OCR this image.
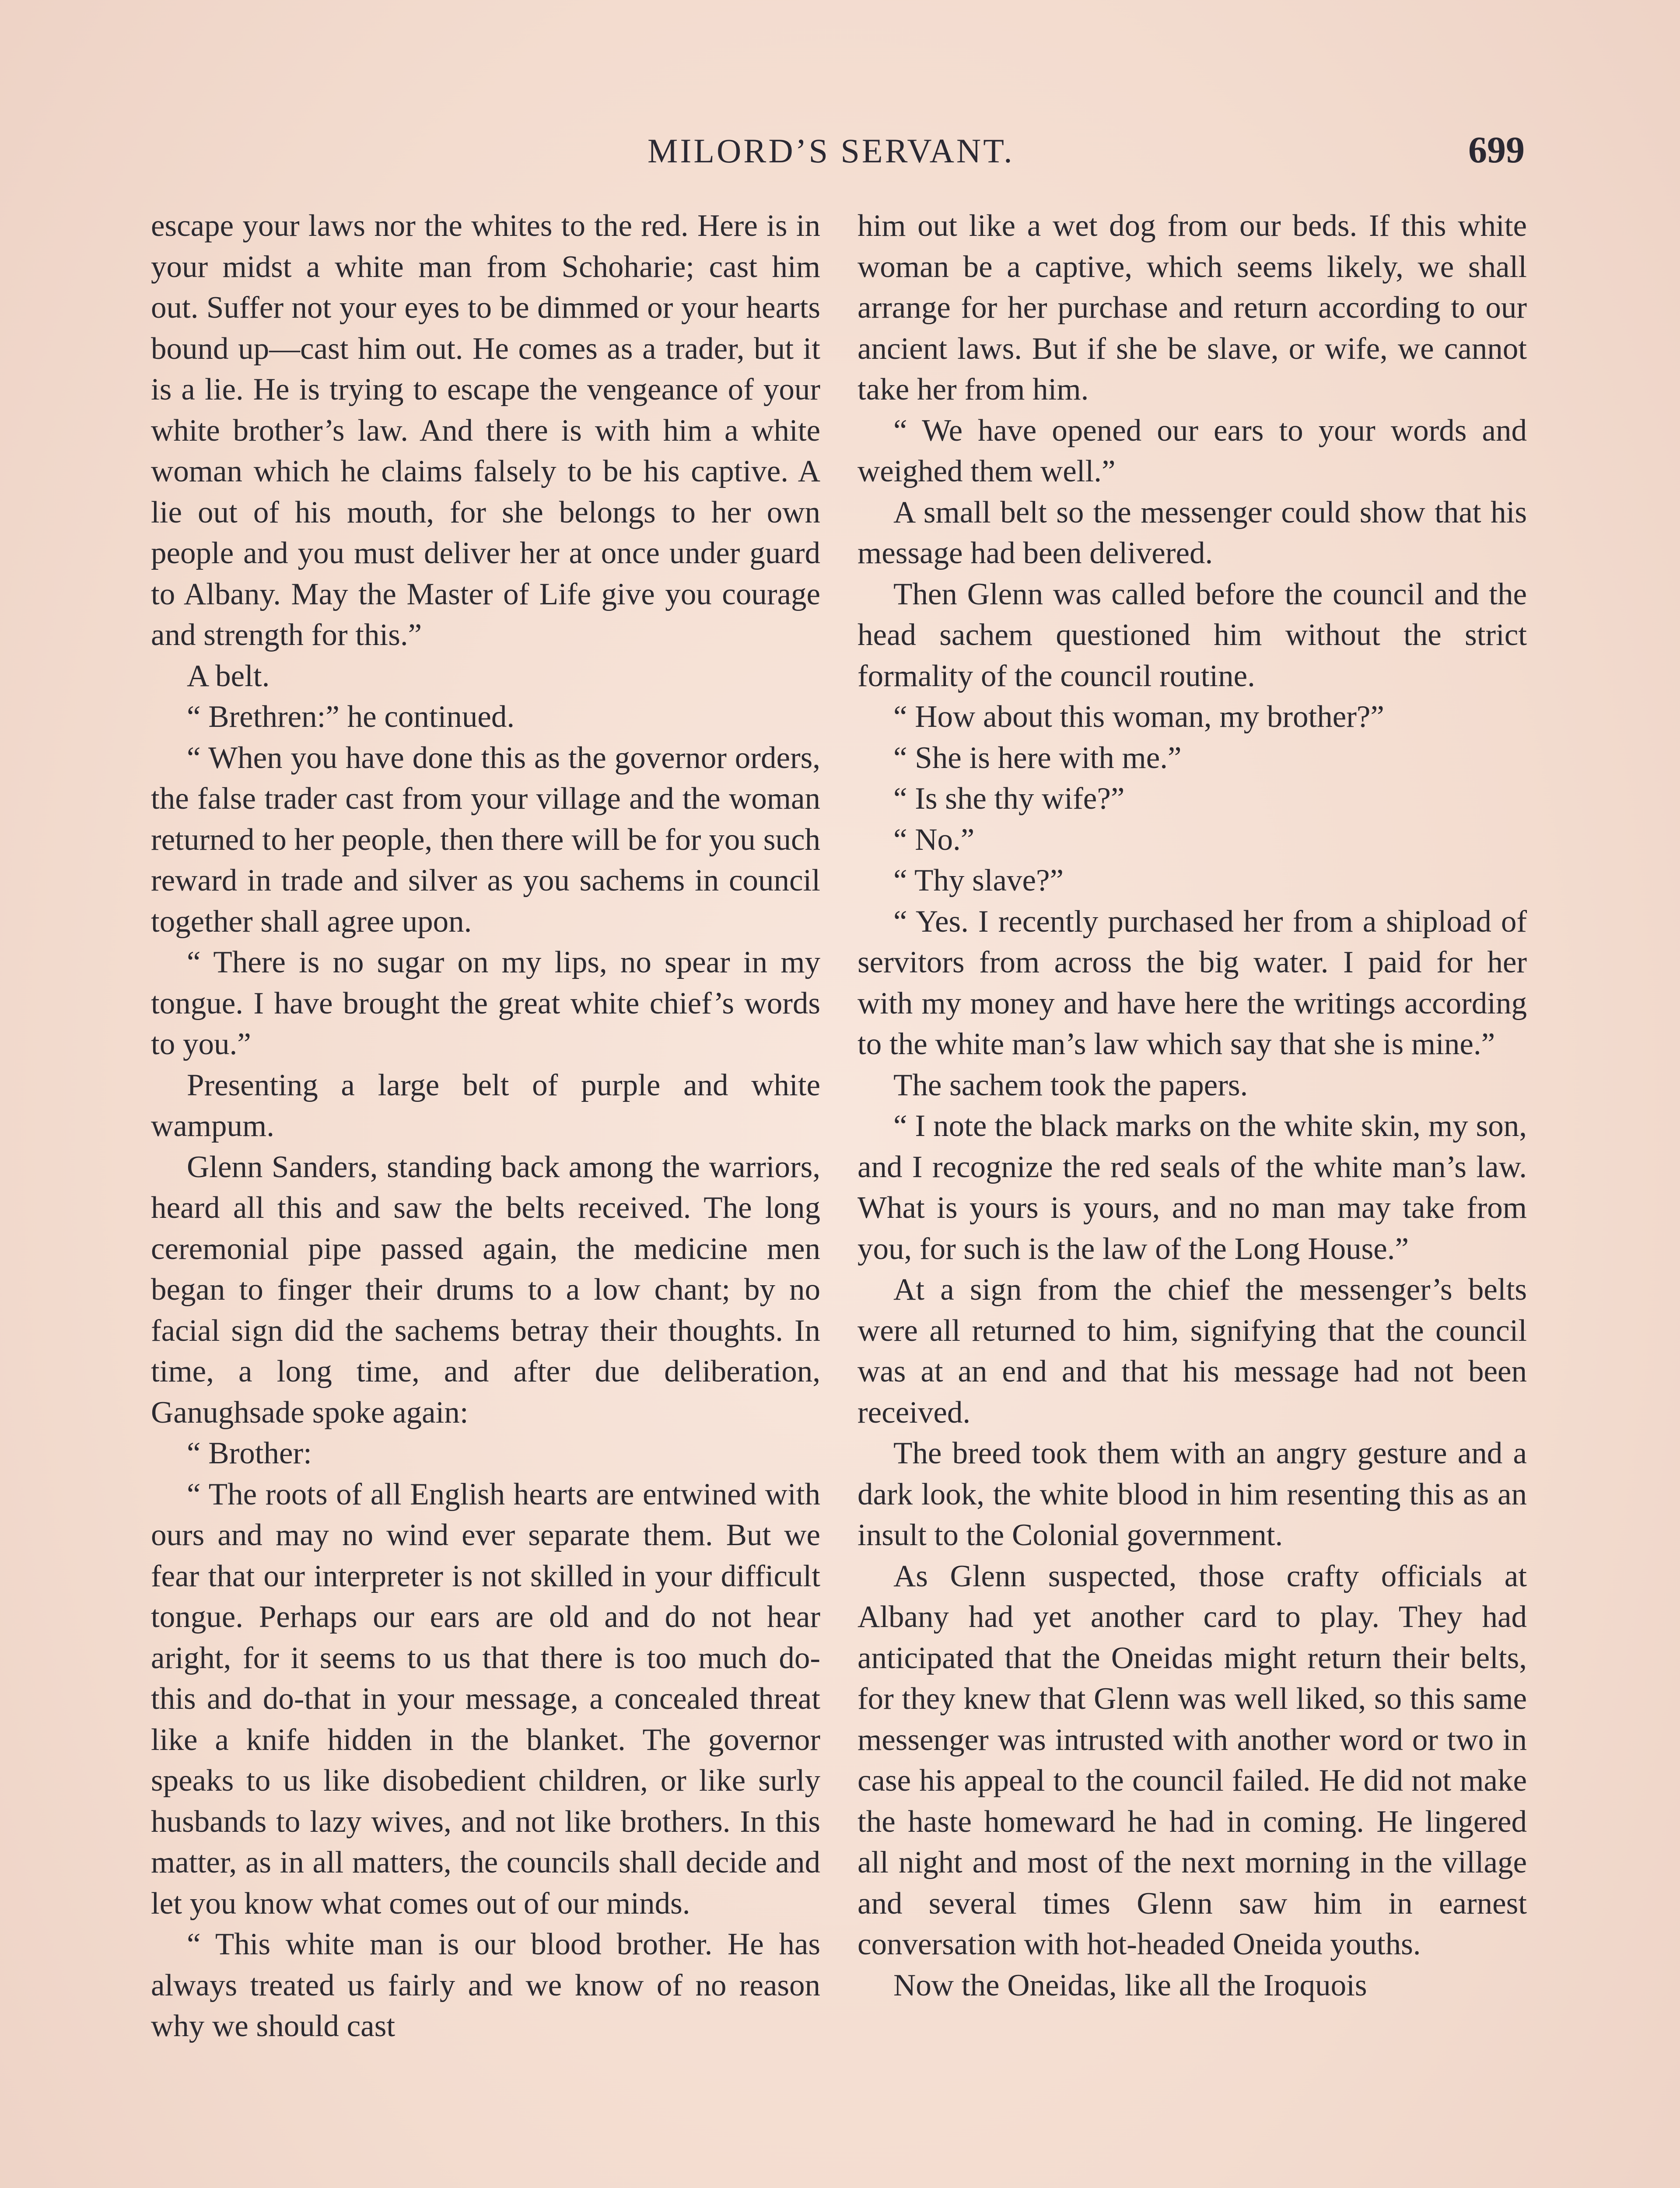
MILORD’S SERVANT.	699

escape your laws nor the whites to the red. Here is in your midst a white man from Schoharie; cast him out. Suffer not your eyes to be dimmed or your hearts bound up—cast him out. He comes as a trader, but it is a lie. He is trying to escape the vengeance of your white brother’s law. And there is with him a white woman which he claims falsely to be his captive. A lie out of his mouth, for she belongs to her own people and you must deliver her at once under guard to Albany. May the Master of Life give you courage and strength for this.”

A belt.

“ Brethren:” he continued.

“ When you have done this as the governor orders, the false trader cast from your village and the woman returned to her people, then there will be for you such reward in trade and silver as you sachems in council together shall agree upon.

“ There is no sugar on my lips, no spear in my tongue. I have brought the great white chief’s words to you.”

Presenting a large belt of purple and white wampum.

Glenn Sanders, standing back among the warriors, heard all this and saw the belts received. The long ceremonial pipe passed again, the medicine men began to finger their drums to a low chant; by no facial sign did the sachems betray their thoughts. In time, a long time, and after due deliberation, Ganughsade spoke again:

“ Brother:

“ The roots of all English hearts are entwined with ours and may no wind ever separate them. But we fear that our interpreter is not skilled in your difficult tongue. Perhaps our ears are old and do not hear aright, for it seems to us that there is too much do-this and do-that in your message, a concealed threat like a knife hidden in the blanket. The governor speaks to us like disobedient children, or like surly husbands to lazy wives, and not like brothers. In this matter, as in all matters, the councils shall decide and let you know what comes out of our minds.

“ This white man is our blood brother. He has always treated us fairly and we know of no reason why we should cast

him out like a wet dog from our beds. If this white woman be a captive, which seems likely, we shall arrange for her purchase and return according to our ancient laws. But if she be slave, or wife, we cannot take her from him.

“ We have opened our ears to your words and weighed them well.”

A small belt so the messenger could show that his message had been delivered.

Then Glenn was called before the council and the head sachem questioned him without the strict formality of the council routine.

“ How about this woman, my brother?”

“ She is here with me.”

“ Is she thy wife?”

“ No.”

“ Thy slave?”

“ Yes. I recently purchased her from a shipload of servitors from across the big water. I paid for her with my money and have here the writings according to the white man’s law which say that she is mine.”

The sachem took the papers.

“ I note the black marks on the white skin, my son, and I recognize the red seals of the white man’s law. What is yours is yours, and no man may take from you, for such is the law of the Long House.”

At a sign from the chief the messenger’s belts were all returned to him, signifying that the council was at an end and that his message had not been received.

The breed took them with an angry gesture and a dark look, the white blood in him resenting this as an insult to the Colonial government.

As Glenn suspected, those crafty officials at Albany had yet another card to play. They had anticipated that the Oneidas might return their belts, for they knew that Glenn was well liked, so this same messenger was intrusted with another word or two in case his appeal to the council failed. He did not make the haste homeward he had in coming. He lingered all night and most of the next morning in the village and several times Glenn saw him in earnest conversation with hot-headed Oneida youths.

Now the Oneidas, like all the Iroquois
